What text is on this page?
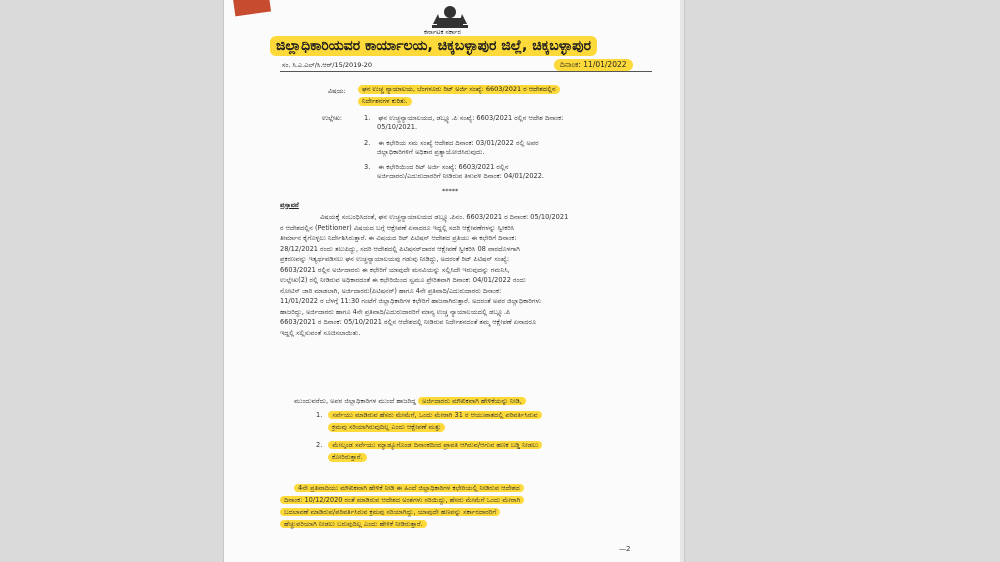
ಕರ್ನಾಟಕ ಸರ್ಕಾರ
ಜಿಲ್ಲಾಧಿಕಾರಿಯವರ ಕಾರ್ಯಾಲಯ, ಚಿಕ್ಕಬಳ್ಳಾಪುರ ಜಿಲ್ಲೆ, ಚಿಕ್ಕಬಳ್ಳಾಪುರ
ಸಂ. ಸಿ.ಎ.ಎಲ್/ಸಿ.ಆರ್/15/2019-20	ದಿನಾಂಕ: 11/01/2022
ವಿಷಯ:	ಘನ ಉಚ್ಚ ನ್ಯಾಯಾಲಯ, ಬೆಂಗಳೂರು ರಿಟ್ ಅರ್ಜಿ ಸಂಖ್ಯೆ: 6603/2021 ರ ಆದೇಶದಲ್ಲಿನ
ನಿರ್ದೇಶನಗಳ ಕುರಿತು.
ಉಲ್ಲೇಖ:	1. ಘನ ಉಚ್ಚನ್ಯಾಯಾಲಯದ, ಡಬ್ಲ್ಯೂ.ಪಿ ಸಂಖ್ಯೆ: 6603/2021 ರಲ್ಲಿನ ಆದೇಶ ದಿನಾಂಕ:
05/10/2021.
2. ಈ ಕಛೇರಿಯ ಸಮ ಸಂಖ್ಯೆ ಆದೇಶದ ದಿನಾಂಕ: 03/01/2022 ರಲ್ಲಿ ಅಪರ
ಜಿಲ್ಲಾಧಿಕಾರಿಗಳಿಗೆ ಅಧಿಕಾರ ಪ್ರತ್ಯಾಯೋಜಿಸಿರುವುದು.
3. ಈ ಕಛೇರಿಯಿಂದ ರಿಟ್ ಅರ್ಜಿ ಸಂಖ್ಯೆ: 6603/2021 ರಲ್ಲಿನ
ಅರ್ಜಿದಾರರು/ಎದುರುದಾರರಿಗೆ ನೀಡಿರುವ ತಿಳುವಳಿ ದಿನಾಂಕ: 04/01/2022.
*****
ಪ್ರಸ್ತಾವನೆ
ವಿಷಯಕ್ಕೆ ಸಂಬಂಧಿಸಿದಂತೆ, ಘನ ಉಚ್ಚನ್ಯಾಯಾಲಯದ ಡಬ್ಲ್ಯೂ.ಪಿನಂ. 6603/2021 ರ ದಿನಾಂಕ: 05/10/2021
ರ ಆದೇಶದಲ್ಲಿನ (Petitioner) ವಿಷಯದ ಬಗ್ಗೆ ಆಕ್ಷೇಪಣೆ ಏನಾದರೂ ಇದ್ದಲ್ಲಿ ಸದರಿ ಆಕ್ಷೇಪಣೆಗಳನ್ನು ಸ್ವೀಕರಿಸಿ
ತೀರ್ಮಾನ ಕೈಗೊಳ್ಳಲು ನಿರ್ದೇಶಿಸಿರುತ್ತಾರೆ. ಈ ವಿಷಯದ ರಿಟ್ ಪಿಟಿಷನ್ ಆದೇಶದ ಪ್ರತಿಯು ಈ ಕಛೇರಿಗೆ ದಿನಾಂಕ:
28/12/2021 ರಂದು ತಲುಪಿದ್ದು, ಸದರಿ ಆದೇಶದಲ್ಲಿ ಪಿಟಿಷನರ್‌ದಾರರ ಆಕ್ಷೇಪಣೆ ಸ್ವೀಕರಿಸಿ 08 ವಾರದೊಳಗಾಗಿ
ಪ್ರಕರಣವನ್ನು ಇತ್ಯರ್ಥಪಡಿಸಲು ಘನ ಉಚ್ಚನ್ಯಾಯಾಲಯವು ಗಡುವು ನೀಡಿದ್ದು, ಅದರಂತೆ ರಿಟ್ ಪಿಟಿಷನ್ ಸಂಖ್ಯೆ:
6603/2021 ರಲ್ಲಿನ ಅರ್ಜಿದಾರರು ಈ ಕಛೇರಿಗೆ ಯಾವುದೇ ಮನವಿಯನ್ನು ಸಲ್ಲಿಸಿದೇ ಇರುವುದನ್ನು ಗಮನಿಸಿ,
ಉಲ್ಲೇಖ(2) ರಲ್ಲಿ ನೀಡಿರುವ ಅಧಿಕಾರದಂತೆ ಈ ಕಛೇರಿಯಿಂದ ಸ್ವಮೂ ಪ್ರೇರಿತವಾಗಿ ದಿನಾಂಕ: 04/01/2022 ರಂದು
ನೋಟಿಸ್ ಜಾರಿ ಮಾಡಲಾಗಿ, ಅರ್ಜಿದಾರರು(ಪಿಟಿಷನರ್) ಹಾಗೂ 4ನೇ ಪ್ರತಿವಾದಿ/ಎದುರುದಾರರು ದಿನಾಂಕ:
11/01/2022 ರ ಬೆಳಗ್ಗೆ 11:30 ಗಂಟೆಗೆ ಜಿಲ್ಲಾಧಿಕಾರಿಗಳ ಕಛೇರಿಗೆ ಹಾಜರಾಗಿರುತ್ತಾರೆ. ಅದರಂತೆ ಅಪರ ಜಿಲ್ಲಾಧಿಕಾರಿಗಳು
ಹಾಜರಿದ್ದು, ಅರ್ಜಿದಾರರು ಹಾಗೂ 4ನೇ ಪ್ರತಿವಾದಿ/ಎದುರುದಾರರಿಗೆ ಮಾನ್ಯ ಉಚ್ಚ ನ್ಯಾಯಾಲಯದಲ್ಲಿ ಡಬ್ಲ್ಯೂ.ಪಿ
6603/2021 ರ ದಿನಾಂಕ: 05/10/2021 ರಲ್ಲಿನ ಆದೇಶದಲ್ಲಿ ನೀಡಿರುವ ನಿರ್ದೇಶನದಂತೆ ತಮ್ಮ ಆಕ್ಷೇಪಣೆ ಏನಾದರೂ
ಇದ್ದಲ್ಲಿ ಸಲ್ಲಿಸುವಂತೆ ಸೂಚಿಸಲಾಯಿತು.
ಮುಂದುವರೆದು, ಅಪರ ಜಿಲ್ಲಾಧಿಕಾರಿಗಳ ಮುಂದೆ ಹಾಜರಿದ್ದ ಅರ್ಜಿದಾರರು ಮೌಖಿಕವಾಗಿ ಹೇಳಿಕೆಯನ್ನು ನೀಡಿ,
1. ಸರ್ವೆಯು ಮಾಡಿರುವ ಹೆಸರು ಮೇಮೆಗೆ, ಒಂದು ಮೇರಾಗಿ 31 ರ ಆಯುಪಾತದಲ್ಲಿ ಪರಿವರ್ತಿಸಿರುವ
ಕ್ರಮವು ಸರಿಯಾಗಿರುವುದಿಲ್ಲ ಎಂದು ಆಕ್ಷೇಪಣೆ ಮತ್ತು
2. ಮೇಲ್ಕಂಡ ಸರ್ವೆಯು ಮ್ಯಾಡ್ಯೂಗೊಂಡ ದಿನಾಂಕದಿಂದ ಪ್ರಾವತಿ ಆಗಿರುವ/ಆಗುವ ಹಣಕ ಬಡ್ಡಿ ನೀಡಲು
ಕೋರಿರುತ್ತಾರೆ.
4ನೇ ಪ್ರತಿವಾದಿಯು ಮೌಖಿಕವಾಗಿ ಹೇಳಿಕೆ ನೀಡಿ ಈ ಹಿಂದೆ ಜಿಲ್ಲಾಧಿಕಾರಿಗಳ ಕಛೇರಿಯಲ್ಲಿ ನೀಡಿರುವ ಆದೇಶದ
ದಿನಾಂಕ: 10/12/2020 ರಂತೆ ಮಾಡಿರುವ ಆದೇಶದ ಅಂಶಗಳು ಸರಿಯಿದ್ದು, ಹೆಸರು ಮೇಮೆಗೆ ಒಂದು ಮೇರಾಗಿ
ಬದಲಾವಣೆ ಮಾಡಿರುವ/ಪರಿವರ್ತಿಸಿರುವ ಕ್ರಮವು ಸರಿಯಾಗಿದ್ದು, ಯಾವುದೇ ಹಣವನ್ನು ಸರ್ಕಾರದಾರರಿಗೆ
ಹೆಚ್ಚುವರಿಯಾಗಿ ನೀಡಲು ಬರುವುದಿಲ್ಲ ಎಂದು ಹೇಳಿಕೆ ನೀಡಿರುತ್ತಾರೆ.
—2
